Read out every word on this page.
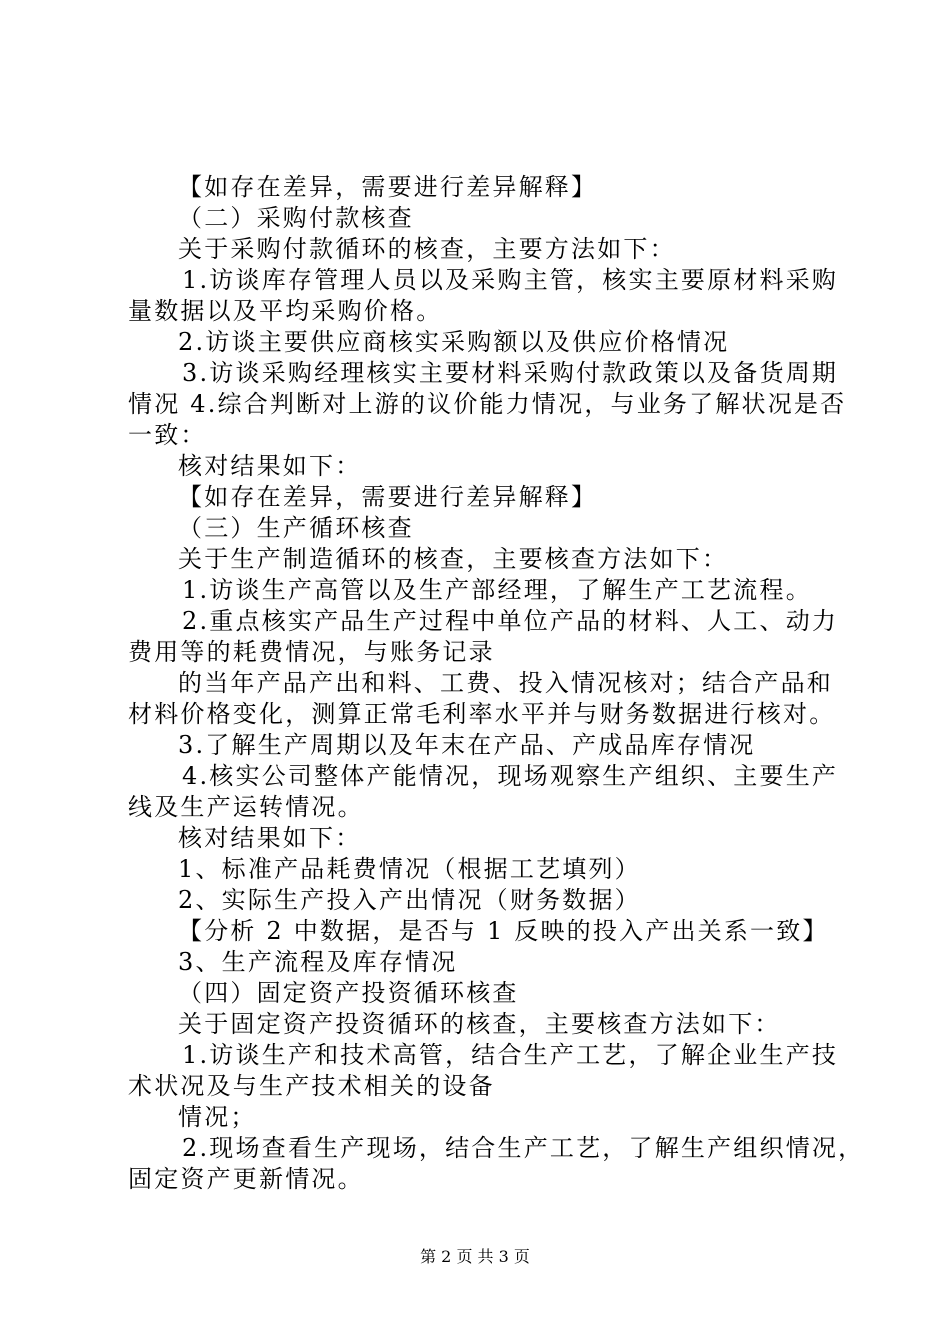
【如存在差异，需要进行差异解释】
（二）采购付款核查
关于采购付款循环的核查，主要方法如下：
1.访谈库存管理人员以及采购主管，核实主要原材料采购
量数据以及平均采购价格。
2.访谈主要供应商核实采购额以及供应价格情况
3.访谈采购经理核实主要材料采购付款政策以及备货周期
情况 4.综合判断对上游的议价能力情况，与业务了解状况是否
一致：
核对结果如下：
【如存在差异，需要进行差异解释】
（三）生产循环核查
关于生产制造循环的核查，主要核查方法如下：
1.访谈生产高管以及生产部经理，了解生产工艺流程。
2.重点核实产品生产过程中单位产品的材料、人工、动力
费用等的耗费情况，与账务记录
的当年产品产出和料、工费、投入情况核对；结合产品和
材料价格变化，测算正常毛利率水平并与财务数据进行核对。
3.了解生产周期以及年末在产品、产成品库存情况
4.核实公司整体产能情况，现场观察生产组织、主要生产
线及生产运转情况。
核对结果如下：
1、标准产品耗费情况（根据工艺填列）
2、实际生产投入产出情况（财务数据）
【分析 2 中数据，是否与 1 反映的投入产出关系一致】
3、生产流程及库存情况
（四）固定资产投资循环核查
关于固定资产投资循环的核查，主要核查方法如下：
1.访谈生产和技术高管，结合生产工艺，了解企业生产技
术状况及与生产技术相关的设备
情况；
2.现场查看生产现场，结合生产工艺，了解生产组织情况，
固定资产更新情况。
第 2 页 共 3 页
